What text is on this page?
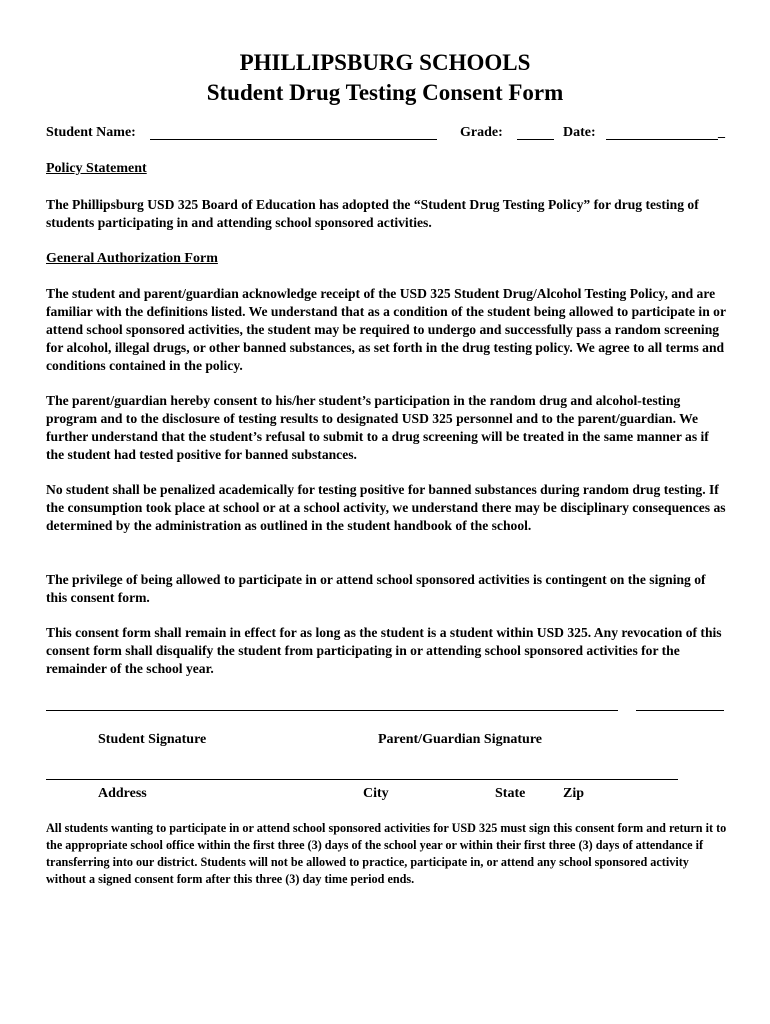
PHILLIPSBURG SCHOOLS
Student Drug Testing Consent Form
Student Name:	Grade:	Date:	_
Policy Statement
The Phillipsburg USD 325 Board of Education has adopted the “Student Drug Testing Policy” for drug testing of students participating in and attending school sponsored activities.
General Authorization Form
The student and parent/guardian acknowledge receipt of the USD 325 Student Drug/Alcohol Testing Policy, and are familiar with the definitions listed. We understand that as a condition of the student being allowed to participate in or attend school sponsored activities, the student may be required to undergo and successfully pass a random screening for alcohol, illegal drugs, or other banned substances, as set forth in the drug testing policy. We agree to all terms and conditions contained in the policy.
The parent/guardian hereby consent to his/her student’s participation in the random drug and alcohol-testing program and to the disclosure of testing results to designated USD 325 personnel and to the parent/guardian. We further understand that the student’s refusal to submit to a drug screening will be treated in the same manner as if the student had tested positive for banned substances.
No student shall be penalized academically for testing positive for banned substances during random drug testing. If the consumption took place at school or at a school activity, we understand there may be disciplinary consequences as determined by the administration as outlined in the student handbook of the school.
The privilege of being allowed to participate in or attend school sponsored activities is contingent on the signing of this consent form.
This consent form shall remain in effect for as long as the student is a student within USD 325. Any revocation of this consent form shall disqualify the student from participating in or attending school sponsored activities for the remainder of the school year.
Student Signature	Parent/Guardian Signature
Address	City	State	Zip
All students wanting to participate in or attend school sponsored activities for USD 325 must sign this consent form and return it to the appropriate school office within the first three (3) days of the school year or within their first three (3) days of attendance if transferring into our district. Students will not be allowed to practice, participate in, or attend any school sponsored activity without a signed consent form after this three (3) day time period ends.
